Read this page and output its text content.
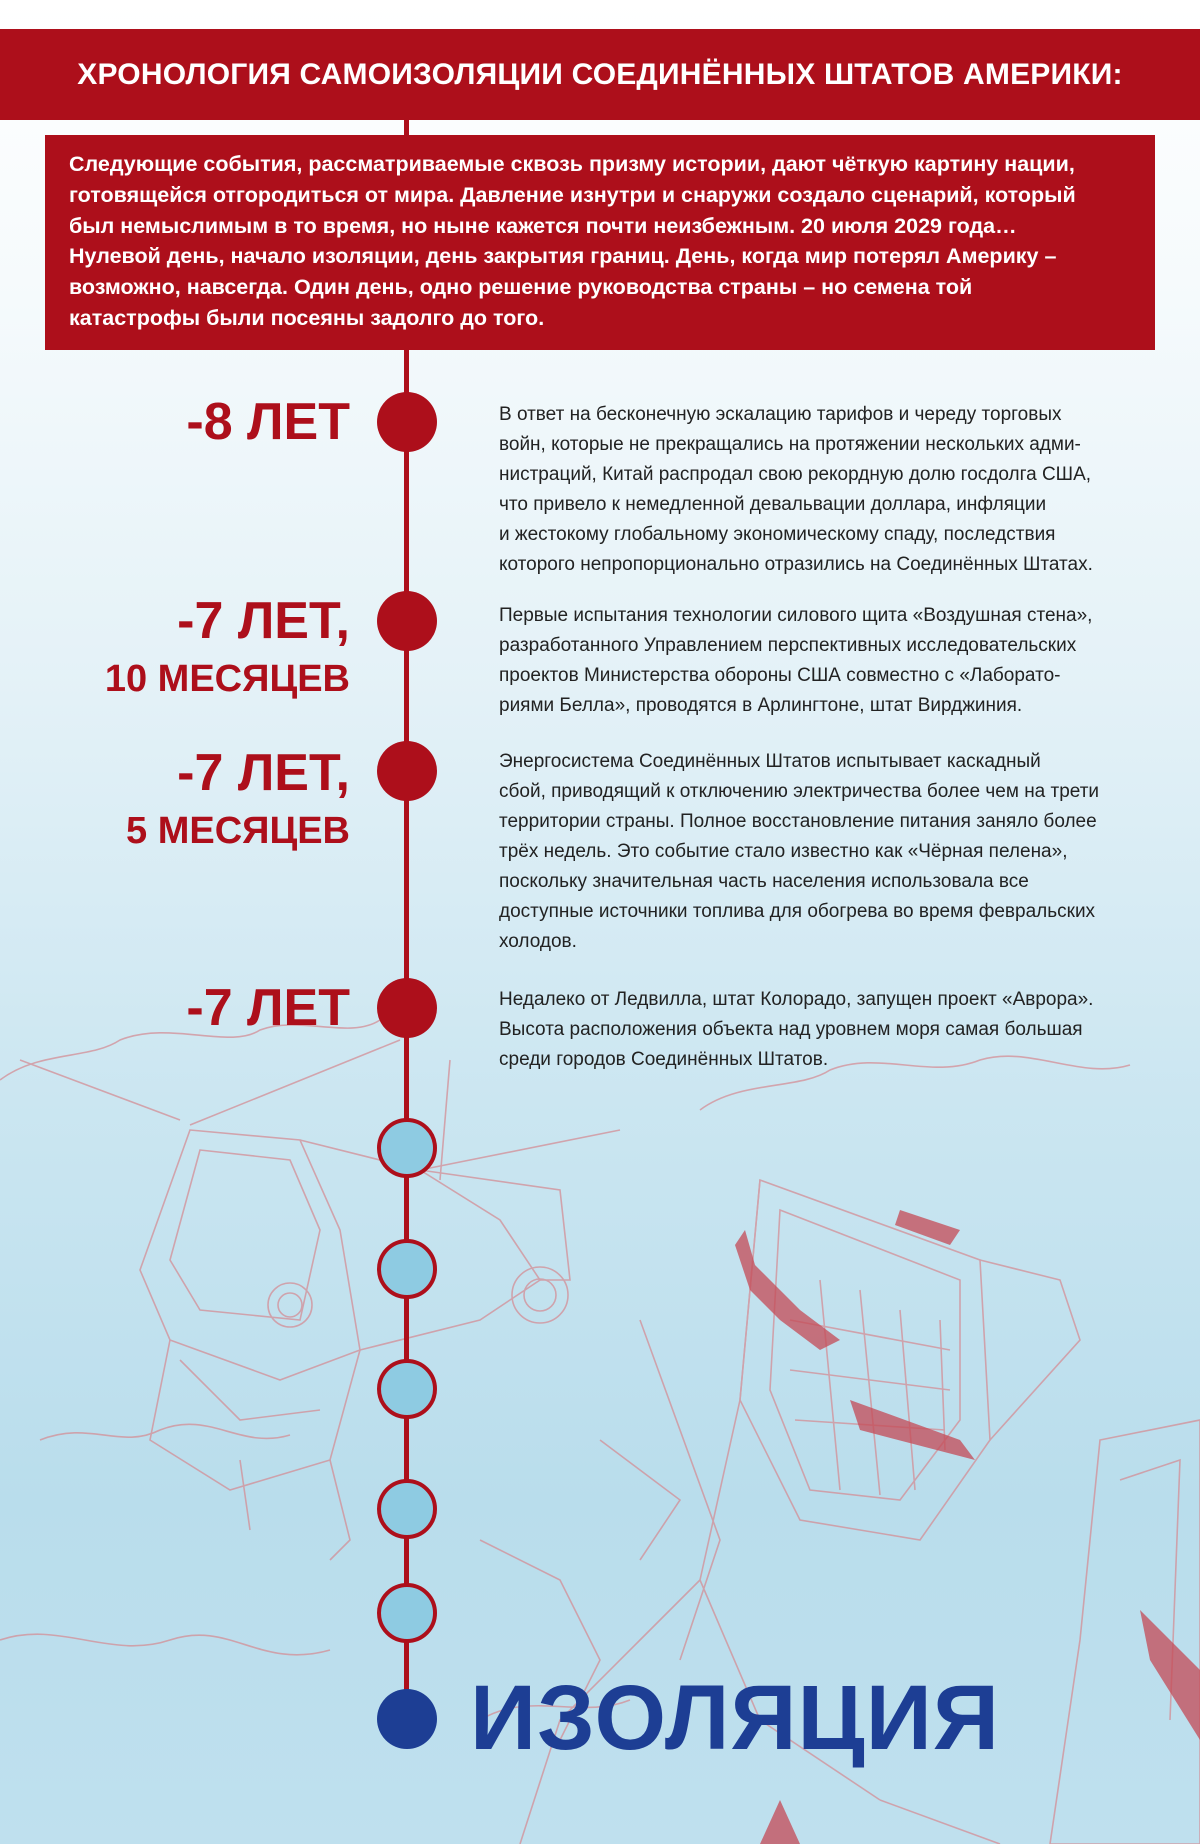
ХРОНОЛОГИЯ САМОИЗОЛЯЦИИ СОЕДИНЁННЫХ ШТАТОВ АМЕРИКИ:
Следующие события, рассматриваемые сквозь призму истории, дают чёткую картину нации,
готовящейся отгородиться от мира. Давление изнутри и снаружи создало сценарий, который
был немыслимым в то время, но ныне кажется почти неизбежным. 20 июля 2029 года…
Нулевой день, начало изоляции, день закрытия границ. День, когда мир потерял Америку –
возможно, навсегда. Один день, одно решение руководства страны – но семена той
катастрофы были посеяны задолго до того.
-8 ЛЕТ	В ответ на бесконечную эскалацию тарифов и череду торговых
войн, которые не прекращались на протяжении нескольких адми-
нистраций, Китай распродал свою рекордную долю госдолга США,
что привело к немедленной девальвации доллара, инфляции
и жестокому глобальному экономическому спаду, последствия
которого непропорционально отразились на Соединённых Штатах.
-7 ЛЕТ,
10 МЕСЯЦЕВ
Первые испытания технологии силового щита «Воздушная стена»,
разработанного Управлением перспективных исследовательских
проектов Министерства обороны США совместно с «Лаборато-
риями Белла», проводятся в Арлингтоне, штат Вирджиния.
-7 ЛЕТ,
5 МЕСЯЦЕВ
Энергосистема Соединённых Штатов испытывает каскадный
сбой, приводящий к отключению электричества более чем на трети
территории страны. Полное восстановление питания заняло более
трёх недель. Это событие стало известно как «Чёрная пелена»,
поскольку значительная часть населения использовала все
доступные источники топлива для обогрева во время февральских
холодов.
-7 ЛЕТ	Недалеко от Ледвилла, штат Колорадо, запущен проект «Аврора».
Высота расположения объекта над уровнем моря самая большая
среди городов Соединённых Штатов.
ИЗОЛЯЦИЯ
